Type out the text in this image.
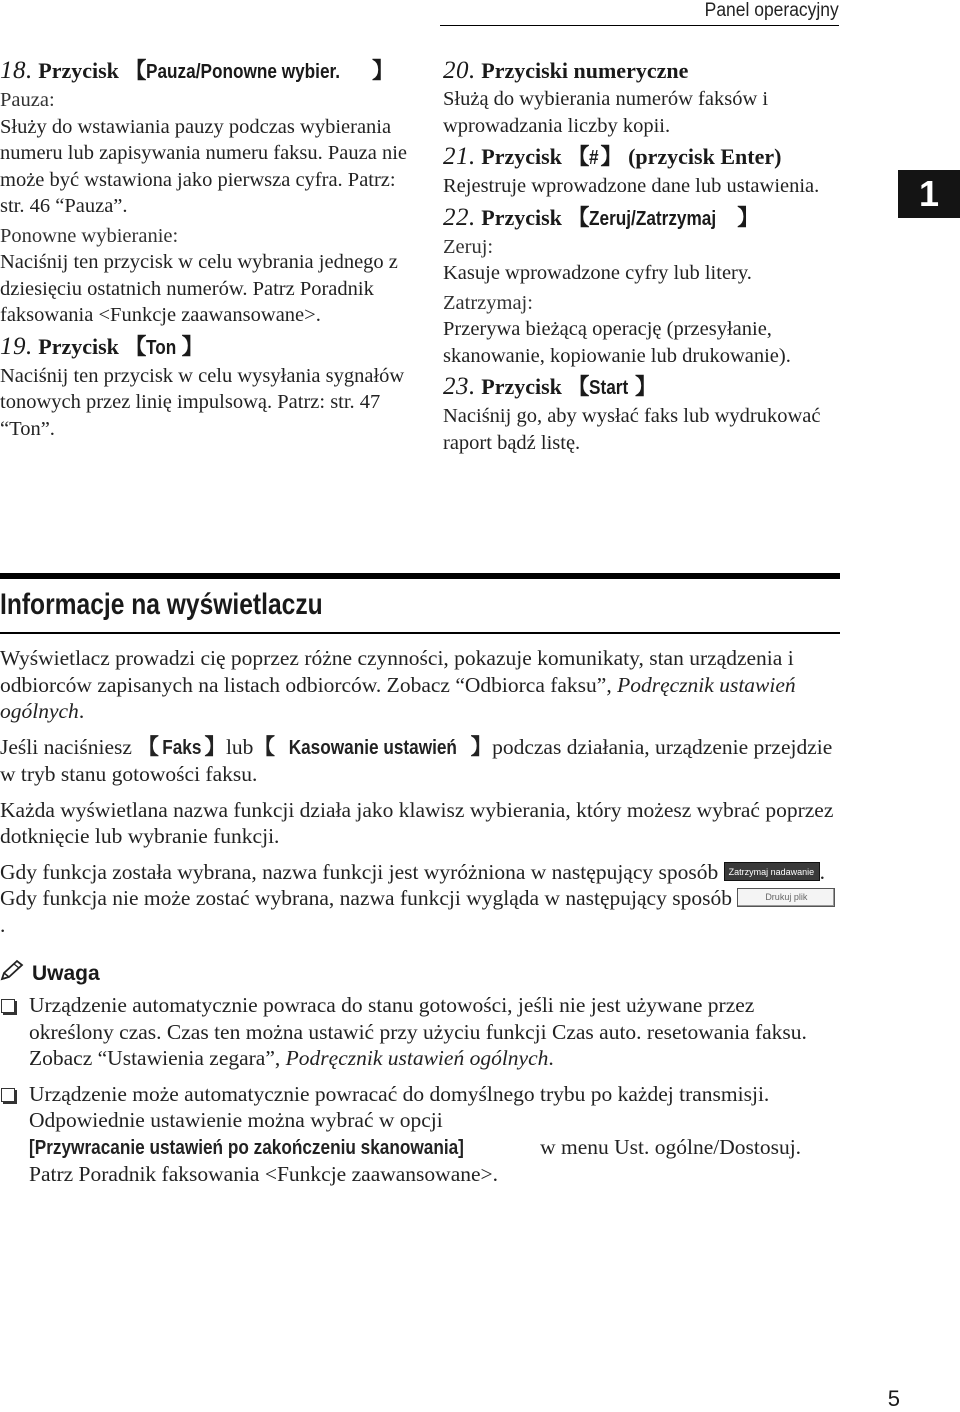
Panel operacyjny
1
18. Przycisk 【Pauza/Ponowne wybier. 】

Pauza:

Służy do wstawiania pauzy podczas wybierania numeru lub zapisywania numeru faksu. Pauza nie może być wstawiona jako pierwsza cyfra. Patrz: str. 46 “Pauza”.

Ponowne wybieranie:

Naciśnij ten przycisk w celu wybrania jednego z dziesięciu ostatnich numerów. Patrz Poradnik faksowania <Funkcje zaawansowane>.

19. Przycisk 【Ton 】

Naciśnij ten przycisk w celu wysyłania sygnałów tonowych przez linię impulsową. Patrz: str. 47 “Ton”.

20. Przyciski numeryczne

Służą do wybierania numerów faksów i wprowadzania liczby kopii.

21. Przycisk 【#】 (przycisk Enter)

Rejestruje wprowadzone dane lub ustawienia.

22. Przycisk 【Zeruj/Zatrzymaj 】

Zeruj:

Kasuje wprowadzone cyfry lub litery.

Zatrzymaj:

Przerywa bieżącą operację (przesyłanie, skanowanie, kopiowanie lub drukowanie).

23. Przycisk 【Start 】

Naciśnij go, aby wysłać faks lub wydrukować raport bądź listę.

Informacje na wyświetlaczu

Wyświetlacz prowadzi cię poprzez różne czynności, pokazuje komunikaty, stan urządzenia i odbiorców zapisanych na listach odbiorców. Zobacz “Odbiorca faksu”, Podręcznik ustawień ogólnych.

Jeśli naciśniesz 【 Faks 】lub【 Kasowanie ustawień 】podczas działania, urządzenie przejdzie w tryb stanu gotowości faksu.

Każda wyświetlana nazwa funkcji działa jako klawisz wybierania, który możesz wybrać poprzez dotknięcie lub wybranie funkcji.

Gdy funkcja została wybrana, nazwa funkcji jest wyróżniona w następujący sposób Zatrzymaj nadawanie . Gdy funkcja nie może zostać wybrana, nazwa funkcji wygląda w następujący sposób	Drukuj plik.

Uwaga
Urządzenie automatycznie powraca do stanu gotowości, jeśli nie jest używane przez określony czas. Czas ten można ustawić przy użyciu funkcji Czas auto. resetowania faksu. Zobacz “Ustawienia zegara”, Podręcznik ustawień ogólnych.
Urządzenie może automatycznie powracać do domyślnego trybu po każdej transmisji. Odpowiednie ustawienie można wybrać w opcji [Przywracanie ustawień po zakończeniu skanowania]	w menu Ust. ogólne/Dostosuj. Patrz Poradnik faksowania <Funkcje zaawansowane>.
5
